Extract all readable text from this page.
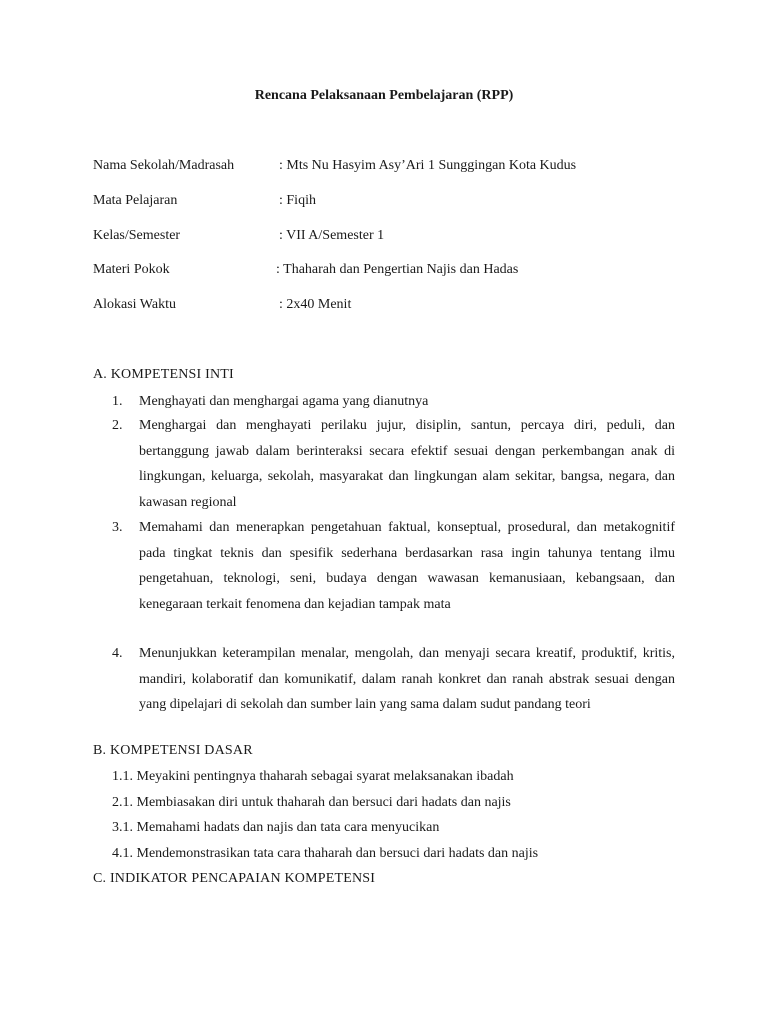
Rencana Pelaksanaan Pembelajaran (RPP)
Nama Sekolah/Madrasah	: Mts Nu Hasyim Asy’Ari 1 Sunggingan Kota Kudus
Mata Pelajaran	: Fiqih
Kelas/Semester	: VII A/Semester 1
Materi Pokok	: Thaharah dan Pengertian Najis dan Hadas
Alokasi Waktu	: 2x40 Menit
A. KOMPETENSI INTI
1. Menghayati dan menghargai agama yang dianutnya
2. Menghargai dan menghayati perilaku jujur, disiplin, santun, percaya diri, peduli, dan bertanggung jawab dalam berinteraksi secara efektif sesuai dengan perkembangan anak di lingkungan, keluarga, sekolah, masyarakat dan lingkungan alam sekitar, bangsa, negara, dan kawasan regional
3. Memahami dan menerapkan pengetahuan faktual, konseptual, prosedural, dan metakognitif pada tingkat teknis dan spesifik sederhana berdasarkan rasa ingin tahunya tentang ilmu pengetahuan, teknologi, seni, budaya dengan wawasan kemanusiaan, kebangsaan, dan kenegaraan terkait fenomena dan kejadian tampak mata
4. Menunjukkan keterampilan menalar, mengolah, dan menyaji secara kreatif, produktif, kritis, mandiri, kolaboratif dan komunikatif, dalam ranah konkret dan ranah abstrak sesuai dengan yang dipelajari di sekolah dan sumber lain yang sama dalam sudut pandang teori
B. KOMPETENSI DASAR
1.1. Meyakini pentingnya thaharah sebagai syarat melaksanakan ibadah
2.1. Membiasakan diri untuk thaharah dan bersuci dari hadats dan najis
3.1. Memahami hadats dan najis dan tata cara menyucikan
4.1. Mendemonstrasikan tata cara thaharah dan bersuci dari hadats dan najis
C. INDIKATOR PENCAPAIAN KOMPETENSI
